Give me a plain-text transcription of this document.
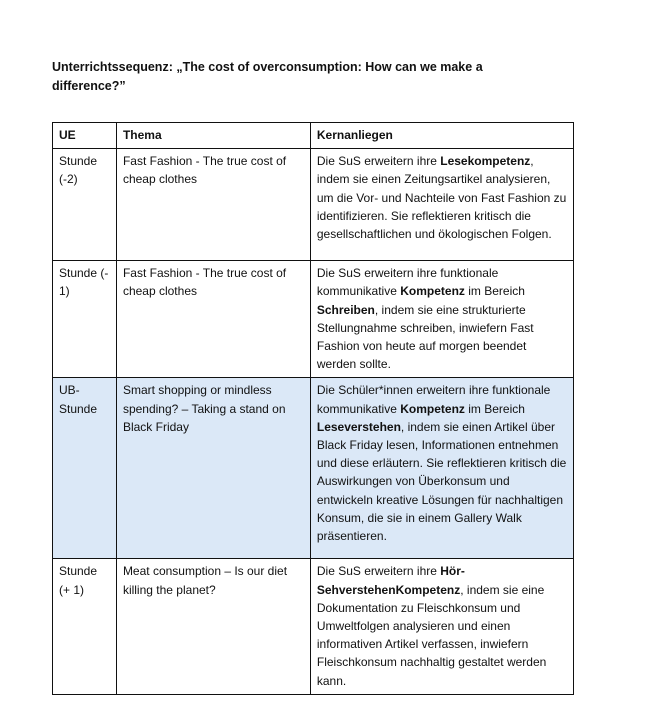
Unterrichtssequenz: „The cost of overconsumption: How can we make a difference?”
UE	Thema	Kernanliegen
Stunde (-2)	Fast Fashion - The true cost of cheap clothes	Die SuS erweitern ihre Lesekompetenz, indem sie einen Zeitungsartikel analysieren, um die Vor- und Nachteile von Fast Fashion zu identifizieren. Sie reflektieren kritisch die gesellschaftlichen und ökologischen Folgen.
Stunde (- 1)	Fast Fashion - The true cost of cheap clothes	Die SuS erweitern ihre funktionale kommunikative Kompetenz im Bereich Schreiben, indem sie eine strukturierte Stellungnahme schreiben, inwiefern Fast Fashion von heute auf morgen beendet werden sollte.
UB- Stunde	Smart shopping or mindless spending? – Taking a stand on Black Friday	Die Schüler*innen erweitern ihre funktionale kommunikative Kompetenz im Bereich Leseverstehen, indem sie einen Artikel über Black Friday lesen, Informationen entnehmen und diese erläutern. Sie reflektieren kritisch die Auswirkungen von Überkonsum und entwickeln kreative Lösungen für nachhaltigen Konsum, die sie in einem Gallery Walk präsentieren.
Stunde (+ 1)	Meat consumption – Is our diet killing the planet?	Die SuS erweitern ihre Hör-SehverstehenKompetenz, indem sie eine Dokumentation zu Fleischkonsum und Umweltfolgen analysieren und einen informativen Artikel verfassen, inwiefern Fleischkonsum nachhaltig gestaltet werden kann.
